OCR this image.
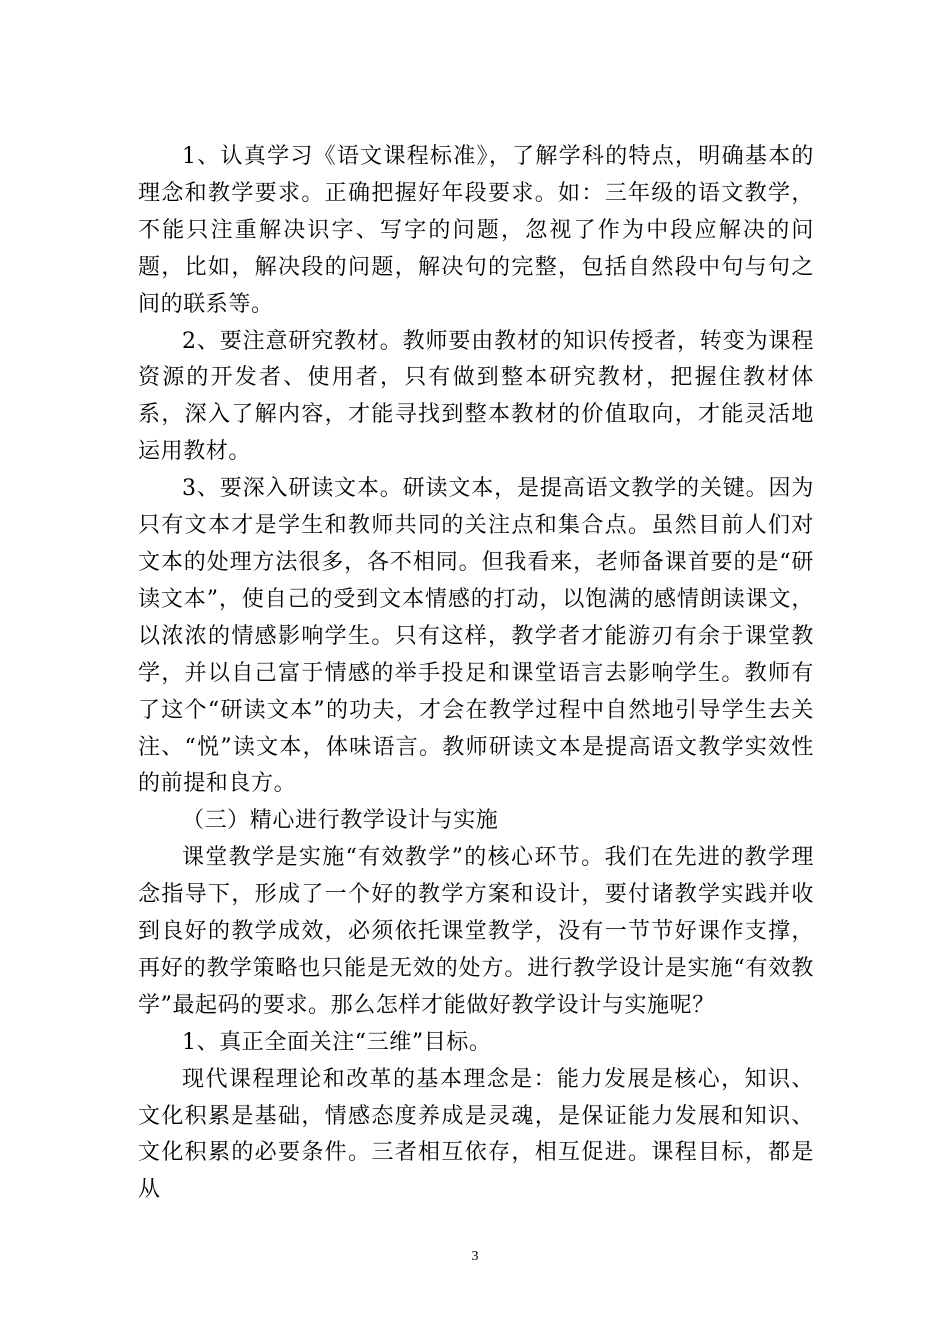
1、认真学习《语文课程标准》，了解学科的特点，明确基本的理念和教学要求。正确把握好年段要求。如：三年级的语文教学，不能只注重解决识字、写字的问题，忽视了作为中段应解决的问题，比如，解决段的问题，解决句的完整，包括自然段中句与句之间的联系等。

2、要注意研究教材。教师要由教材的知识传授者，转变为课程资源的开发者、使用者，只有做到整本研究教材，把握住教材体系，深入了解内容，才能寻找到整本教材的价值取向，才能灵活地运用教材。

3、要深入研读文本。研读文本，是提高语文教学的关键。因为只有文本才是学生和教师共同的关注点和集合点。虽然目前人们对文本的处理方法很多，各不相同。但我看来，老师备课首要的是“研读文本”，使自己的受到文本情感的打动，以饱满的感情朗读课文，以浓浓的情感影响学生。只有这样，教学者才能游刃有余于课堂教学，并以自己富于情感的举手投足和课堂语言去影响学生。教师有了这个“研读文本”的功夫，才会在教学过程中自然地引导学生去关注、“悦”读文本，体味语言。教师研读文本是提高语文教学实效性的前提和良方。

（三）精心进行教学设计与实施

课堂教学是实施“有效教学”的核心环节。我们在先进的教学理念指导下，形成了一个好的教学方案和设计，要付诸教学实践并收到良好的教学成效，必须依托课堂教学，没有一节节好课作支撑，再好的教学策略也只能是无效的处方。进行教学设计是实施“有效教学”最起码的要求。那么怎样才能做好教学设计与实施呢？

1、真正全面关注“三维”目标。

现代课程理论和改革的基本理念是：能力发展是核心，知识、文化积累是基础，情感态度养成是灵魂，是保证能力发展和知识、文化积累的必要条件。三者相互依存，相互促进。课程目标，都是从

3
